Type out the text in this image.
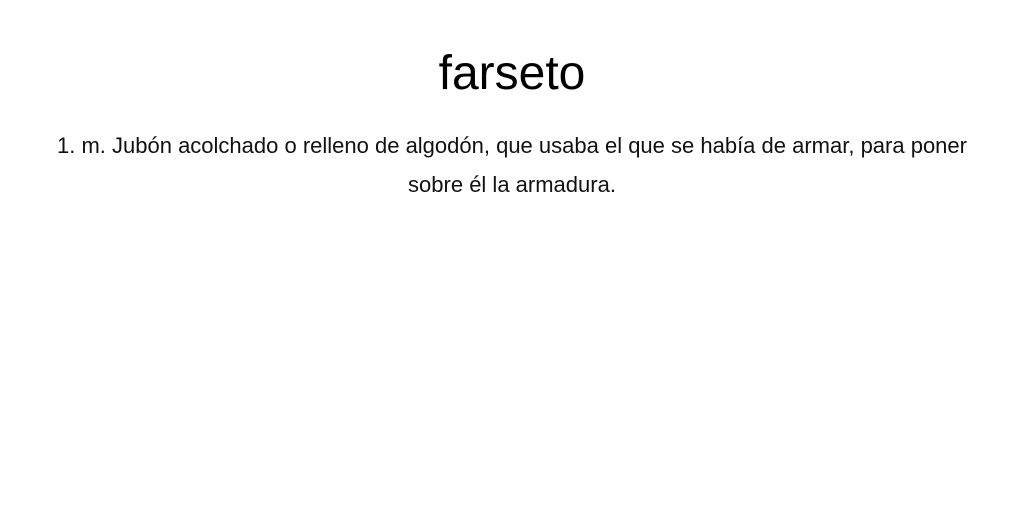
farseto

1. m. Jubón acolchado o relleno de algodón, que usaba el que se había de armar, para poner sobre él la armadura.
